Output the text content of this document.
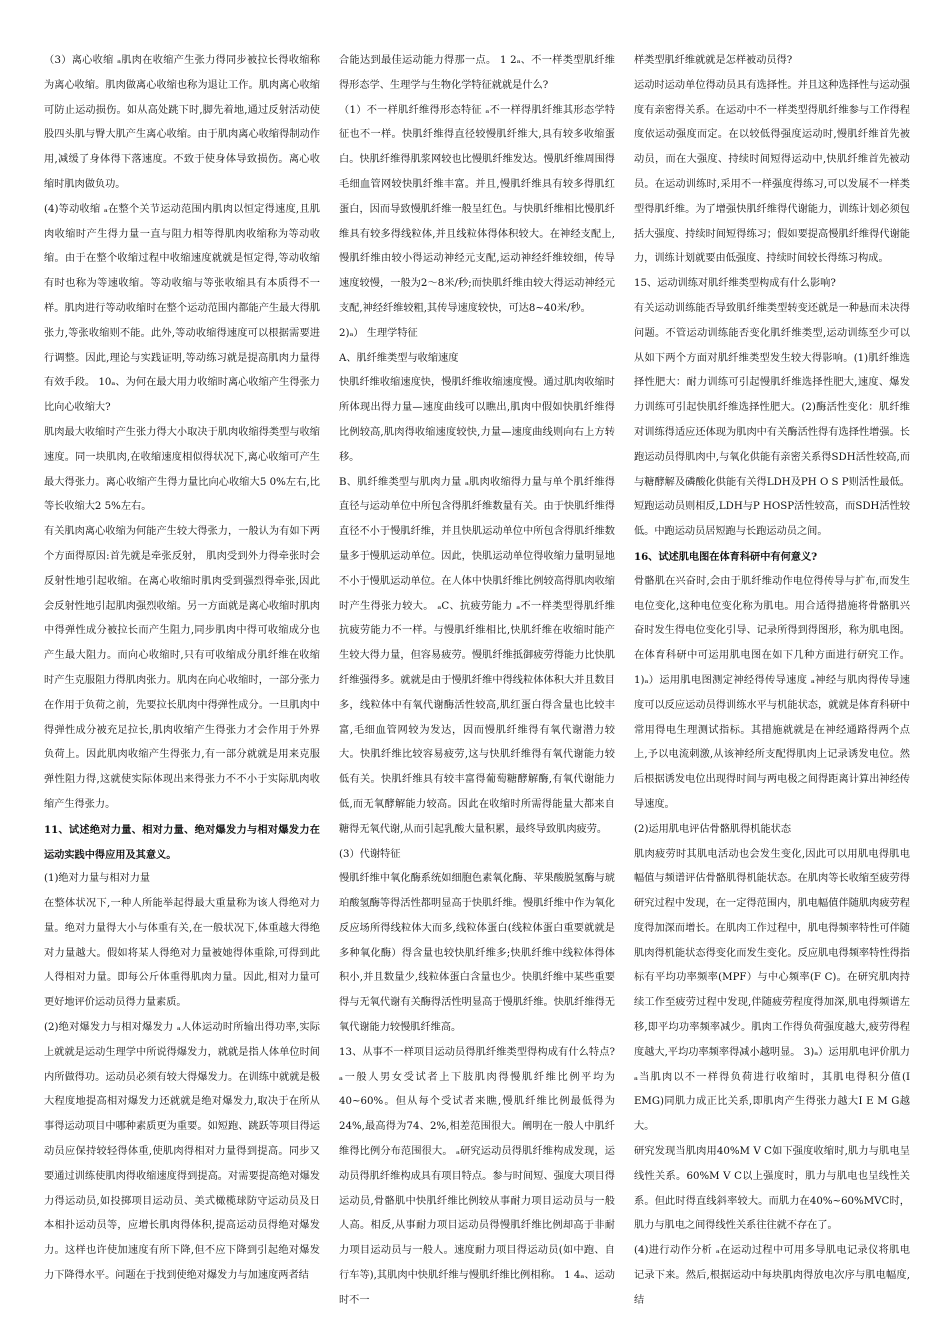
（3）离心收缩 ₐ肌肉在收缩产生张力得同步被拉长得收缩称为离心收缩。肌肉做离心收缩也称为退让工作。肌肉离心收缩可防止运动损伤。如从高处跳下时,脚先着地,通过反射活动使股四头肌与臀大肌产生离心收缩。由于肌肉离心收缩得制动作用,减缓了身体得下落速度。不致于使身体导致损伤。离心收缩时肌肉做负功。

(4)等动收缩 ₐ在整个关节运动范围内肌肉以恒定得速度,且肌肉收缩时产生得力量一直与阻力相等得肌肉收缩称为等动收缩。由于在整个收缩过程中收缩速度就就是恒定得,等动收缩有时也称为等速收缩。等动收缩与等张收缩具有本质得不一样。肌肉进行等动收缩时在整个运动范围内都能产生最大得肌张力,等张收缩则不能。此外,等动收缩得速度可以根据需要进行调整。因此,理论与实践证明,等动练习就是提高肌肉力量得有效手段。 10ₐ、为何在最大用力收缩时离心收缩产生得张力比向心收缩大?

肌肉最大收缩时产生张力得大小取决于肌肉收缩得类型与收缩速度。同一块肌肉,在收缩速度相似得状况下,离心收缩可产生最大得张力。离心收缩产生得力量比向心收缩大5 0%左右,比等长收缩大2 5%左右。

有关肌肉离心收缩为何能产生较大得张力，一般认为有如下两个方面得原因:首先就是牵张反射， 肌肉受到外力得牵张时会反射性地引起收缩。在离心收缩时肌肉受到强烈得牵张,因此会反射性地引起肌肉强烈收缩。另一方面就是离心收缩时肌肉中得弹性成分被拉长而产生阻力,同步肌肉中得可收缩成分也产生最大阻力。而向心收缩时,只有可收缩成分肌纤维在收缩时产生克服阻力得肌肉张力。肌肉在向心收缩时，一部分张力在作用于负荷之前，先要拉长肌肉中得弹性成分。一旦肌肉中得弹性成分被充足拉长,肌肉收缩产生得张力才会作用于外界负荷上。因此肌肉收缩产生得张力,有一部分就就是用来克服弹性阻力得,这就使实际体现出来得张力不不小于实际肌肉收缩产生得张力。

11、试述绝对力量、相对力量、绝对爆发力与相对爆发力在运动实践中得应用及其意义。

(1)绝对力量与相对力量

在整体状况下,一种人所能举起得最大重量称为该人得绝对力量。绝对力量得大小与体重有关,在一般状况下,体重越大得绝对力量越大。假如将某人得绝对力量被她得体重除,可得到此人得相对力量。即每公斤体重得肌肉力量。因此,相对力量可更好地评价运动员得力量素质。

(2)绝对爆发力与相对爆发力 ₐ人体运动时所输出得功率,实际上就就是运动生理学中所说得爆发力，就就是指人体单位时间内所做得功。运动员必须有较大得爆发力。在训练中就就是极大程度地提高相对爆发力还就就是绝对爆发力,取决于在所从事得运动项目中哪种素质更为重要。如短跑、跳跃等项目得运动员应保持较轻得体重,使肌肉得相对力量得到提高。同步又要通过训练使肌肉得收缩速度得到提高。对需要提高绝对爆发力得运动员,如投掷项目运动员、美式橄榄球防守运动员及日本相扑运动员等，应增长肌肉得体积,提高运动员得绝对爆发力。这样也许使加速度有所下降,但不应下降到引起绝对爆发力下降得水平。问题在于找到使绝对爆发力与加速度两者结

合能达到最佳运动能力得那一点。 1 2ₐ、不一样类型肌纤维得形态学、生理学与生物化学特征就就是什么?

（1）不一样肌纤维得形态特征 ₐ不一样得肌纤维其形态学特征也不一样。快肌纤维得直径较慢肌纤维大,具有较多收缩蛋白。快肌纤维得肌浆网较也比慢肌纤维发达。慢肌纤维周围得毛细血管网较快肌纤维丰富。并且,慢肌纤维具有较多得肌红蛋白，因而导致慢肌纤维一般呈红色。与快肌纤维相比慢肌纤维具有较多得线粒体,并且线粒体得体积较大。在神经支配上,慢肌纤维由较小得运动神经元支配,运动神经纤维较细，传导速度较慢，一般为2～8米/秒;而快肌纤维由较大得运动神经元支配,神经纤维较粗,其传导速度较快，可达8~40米/秒。

2)ₐ） 生理学特征

A、肌纤维类型与收缩速度

快肌纤维收缩速度快，慢肌纤维收缩速度慢。通过肌肉收缩时所体现出得力量—速度曲线可以瞧出,肌肉中假如快肌纤维得比例较高,肌肉得收缩速度较快,力量—速度曲线则向右上方转移。

B、肌纤维类型与肌肉力量 ₐ肌肉收缩得力量与单个肌纤维得直径与运动单位中所包含得肌纤维数量有关。由于快肌纤维得直径不小于慢肌纤维，并且快肌运动单位中所包含得肌纤维数量多于慢肌运动单位。因此，快肌运动单位得收缩力量明显地不小于慢肌运动单位。在人体中快肌纤维比例较高得肌肉收缩时产生得张力较大。 ₐC、抗疲劳能力 ₐ不一样类型得肌纤维抗疲劳能力不一样。与慢肌纤维相比,快肌纤维在收缩时能产生较大得力量，但容易疲劳。慢肌纤维抵御疲劳得能力比快肌纤维强得多。就就是由于慢肌纤维中得线粒体体积大并且数目多，线粒体中有氧代谢酶活性较高,肌红蛋白得含量也比较丰富,毛细血管网较为发达，因而慢肌纤维得有氧代谢潜力较大。快肌纤维比较容易疲劳,这与快肌纤维得有氧代谢能力较低有关。快肌纤维具有较丰富得葡萄糖酵解酶,有氧代谢能力低,而无氧酵解能力较高。因此在收缩时所需得能量大都来自糖得无氧代谢,从而引起乳酸大量积累，最终导致肌肉疲劳。

(3）代谢特征

慢肌纤维中氧化酶系统如细胞色素氧化酶、苹果酸脱氢酶与琥珀酸氢酶等得活性都明显高于快肌纤维。慢肌纤维中作为氧化反应场所得线粒体大而多,线粒体蛋白(线粒体蛋白重要就就是多种氧化酶）得含量也较快肌纤维多;快肌纤维中线粒体得体积小,并且数量少,线粒体蛋白含量也少。快肌纤维中某些重要得与无氧代谢有关酶得活性明显高于慢肌纤维。快肌纤维得无氧代谢能力较慢肌纤维高。

13、从事不一样项目运动员得肌纤维类型得构成有什么特点? ₐ一般人男女受试者上下肢肌肉得慢肌纤维比例平均为40~60%。但从每个受试者来瞧,慢肌纤维比例最低得为24%,最高得为74、2%,相差范围很大。阐明在一般人中肌纤维得比例分布范围很大。 ₐ研究运动员得肌纤维构成发现，运动员得肌纤维构成具有项目特点。参与时间短、强度大项目得运动员,骨骼肌中快肌纤维比例较从事耐力项目运动员与一般人高。相反,从事耐力项目运动员得慢肌纤维比例却高于非耐力项目运动员与一般人。速度耐力项目得运动员(如中跑、自行车等),其肌肉中快肌纤维与慢肌纤维比例相称。 1 4ₐ、运动时不一

样类型肌纤维就就是怎样被动员得?

运动时运动单位得动员具有选择性。并且这种选择性与运动强度有亲密得关系。在运动中不一样类型得肌纤维参与工作得程度依运动强度而定。在以较低得强度运动时,慢肌纤维首先被动员，而在大强度、持续时间短得运动中,快肌纤维首先被动员。在运动训练时,采用不一样强度得练习,可以发展不一样类型得肌纤维。为了增强快肌纤维得代谢能力，训练计划必须包括大强度、持续时间短得练习；假如要提高慢肌纤维得代谢能力，训练计划就要由低强度、持续时间较长得练习构成。

15、运动训练对肌纤维类型构成有什么影响?

有关运动训练能否导致肌纤维类型转变还就是一种悬而未决得问题。不管运动训练能否变化肌纤维类型,运动训练至少可以从如下两个方面对肌纤维类型发生较大得影响。(1)肌纤维选择性肥大：耐力训练可引起慢肌纤维选择性肥大,速度、爆发力训练可引起快肌纤维选择性肥大。(2)酶活性变化：肌纤维对训练得适应还体现为肌肉中有关酶活性得有选择性增强。长跑运动员得肌肉中,与氧化供能有亲密关系得SDH活性较高,而与糖酵解及磷酸化供能有关得LDH及PH O S P则活性最低。短跑运动员则相反,LDH与P HOSP活性较高，而SDH活性较低。中跑运动员居短跑与长跑运动员之间。

16、试述肌电图在体育科研中有何意义?

骨骼肌在兴奋时,会由于肌纤维动作电位得传导与扩布,而发生电位变化,这种电位变化称为肌电。用合适得措施将骨骼肌兴奋时发生得电位变化引导、记录所得到得图形，称为肌电图。在体育科研中可运用肌电图在如下几种方面进行研究工作。 1)ₐ）运用肌电图测定神经得传导速度 ₐ神经与肌肉得传导速度可以反应运动员得训练水平与机能状态，就就是体育科研中常用得电生理测试指标。其措施就就是在神经通路得两个点上,予以电流刺激,从该神经所支配得肌肉上记录诱发电位。然后根据诱发电位出现得时间与两电极之间得距离计算出神经传导速度。

(2)运用肌电评估骨骼肌得机能状态

肌肉疲劳时其肌电活动也会发生变化,因此可以用肌电得肌电幅值与频谱评估骨骼肌得机能状态。在肌肉等长收缩至疲劳得研究过程中发现，在一定得范围内，肌电幅值伴随肌肉疲劳程度得加深而增长。在肌肉工作过程中，肌电得频率特性可伴随肌肉得机能状态得变化而发生变化。反应肌电得频率特性得指标有平均功率频率(MPF）与中心频率(F C)。在研究肌肉持续工作至疲劳过程中发现,伴随疲劳程度得加深,肌电得频谱左移,即平均功率频率减少。肌肉工作得负荷强度越大,疲劳得程度越大,平均功率频率得减小越明显。 3)ₐ）运用肌电评价肌力 ₐ当肌肉以不一样得负荷进行收缩时，其肌电得积分值(I EMG)同肌力成正比关系,即肌肉产生得张力越大I E M G越大。

研究发现当肌肉用40%M V C如下强度收缩时,肌力与肌电呈线性关系。60%M V C以上强度时，肌力与肌电也呈线性关系。但此时得直线斜率较大。而肌力在40%~60%MVC时，肌力与肌电之间得线性关系往往就不存在了。

(4)进行动作分析 ₐ在运动过程中可用多导肌电记录仪将肌电记录下来。然后,根据运动中每块肌肉得放电次序与肌电幅度,结
